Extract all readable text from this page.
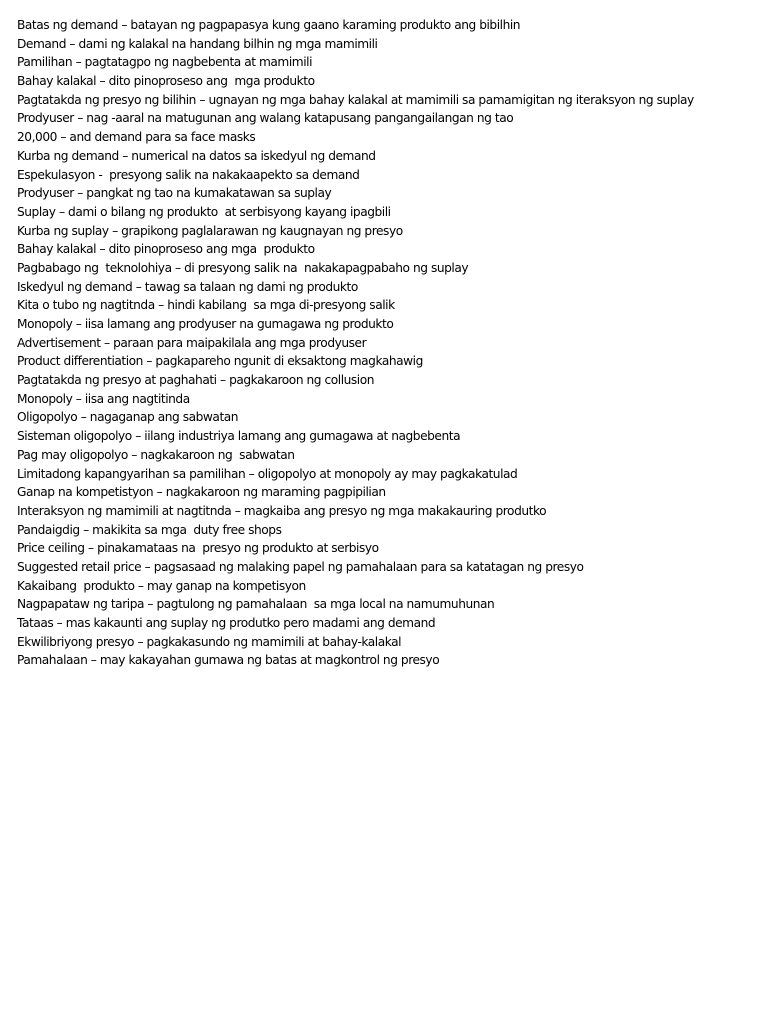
Batas ng demand – batayan ng pagpapasya kung gaano karaming produkto ang bibilhin
Demand – dami ng kalakal na handang bilhin ng mga mamimili
Pamilihan – pagtatagpo ng nagbebenta at mamimili
Bahay kalakal – dito pinoproseso ang  mga produkto
Pagtatakda ng presyo ng bilihin – ugnayan ng mga bahay kalakal at mamimili sa pamamigitan ng iteraksyon ng suplay
Prodyuser – nag -aaral na matugunan ang walang katapusang pangangailangan ng tao
20,000 – and demand para sa face masks
Kurba ng demand – numerical na datos sa iskedyul ng demand
Espekulasyon -  presyong salik na nakakaapekto sa demand
Prodyuser – pangkat ng tao na kumakatawan sa suplay
Suplay – dami o bilang ng produkto  at serbisyong kayang ipagbili
Kurba ng suplay – grapikong paglalarawan ng kaugnayan ng presyo
Bahay kalakal – dito pinoproseso ang mga  produkto
Pagbabago ng  teknolohiya – di presyong salik na  nakakapagpabaho ng suplay
Iskedyul ng demand – tawag sa talaan ng dami ng produkto
Kita o tubo ng nagtitnda – hindi kabilang  sa mga di-presyong salik
Monopoly – iisa lamang ang prodyuser na gumagawa ng produkto
Advertisement – paraan para maipakilala ang mga prodyuser
Product differentiation – pagkapareho ngunit di eksaktong magkahawig
Pagtatakda ng presyo at paghahati – pagkakaroon ng collusion
Monopoly – iisa ang nagtitinda
Oligopolyo – nagaganap ang sabwatan
Sisteman oligopolyo – iilang industriya lamang ang gumagawa at nagbebenta
Pag may oligopolyo – nagkakaroon ng  sabwatan
Limitadong kapangyarihan sa pamilihan – oligopolyo at monopoly ay may pagkakatulad
Ganap na kompetistyon – nagkakaroon ng maraming pagpipilian
Interaksyon ng mamimili at nagtitnda – magkaiba ang presyo ng mga makakauring produtko
Pandaigdig – makikita sa mga  duty free shops
Price ceiling – pinakamataas na  presyo ng produkto at serbisyo
Suggested retail price – pagsasaad ng malaking papel ng pamahalaan para sa katatagan ng presyo
Kakaibang  produkto – may ganap na kompetisyon
Nagpapataw ng taripa – pagtulong ng pamahalaan  sa mga local na namumuhunan
Tataas – mas kakaunti ang suplay ng produtko pero madami ang demand
Ekwilibriyong presyo – pagkakasundo ng mamimili at bahay-kalakal
Pamahalaan – may kakayahan gumawa ng batas at magkontrol ng presyo
